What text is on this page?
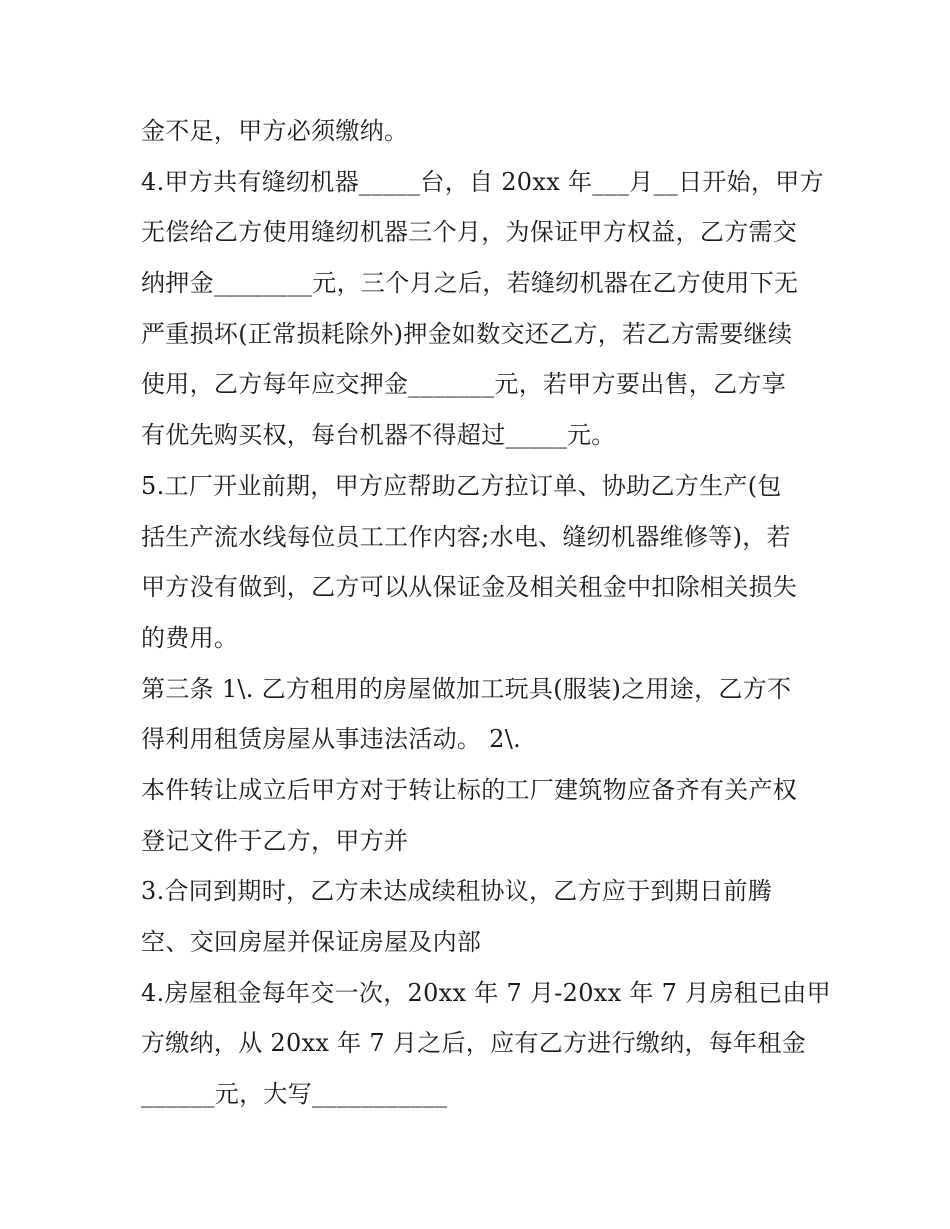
金不足，甲方必须缴纳。
4.甲方共有缝纫机器_____台，自 20xx 年___月__日开始，甲方
无偿给乙方使用缝纫机器三个月，为保证甲方权益，乙方需交
纳押金________元，三个月之后，若缝纫机器在乙方使用下无
严重损坏(正常损耗除外)押金如数交还乙方，若乙方需要继续
使用，乙方每年应交押金_______元，若甲方要出售，乙方享
有优先购买权，每台机器不得超过_____元。
5.工厂开业前期，甲方应帮助乙方拉订单、协助乙方生产(包
括生产流水线每位员工工作内容;水电、缝纫机器维修等)，若
甲方没有做到，乙方可以从保证金及相关租金中扣除相关损失
的费用。
第三条 1\. 乙方租用的房屋做加工玩具(服装)之用途，乙方不
得利用租赁房屋从事违法活动。 2\.
本件转让成立后甲方对于转让标的工厂建筑物应备齐有关产权
登记文件于乙方，甲方并
3.合同到期时，乙方未达成续租协议，乙方应于到期日前腾
空、交回房屋并保证房屋及内部
4.房屋租金每年交一次，20xx 年 7 月-20xx 年 7 月房租已由甲
方缴纳，从 20xx 年 7 月之后，应有乙方进行缴纳，每年租金
______元，大写___________
